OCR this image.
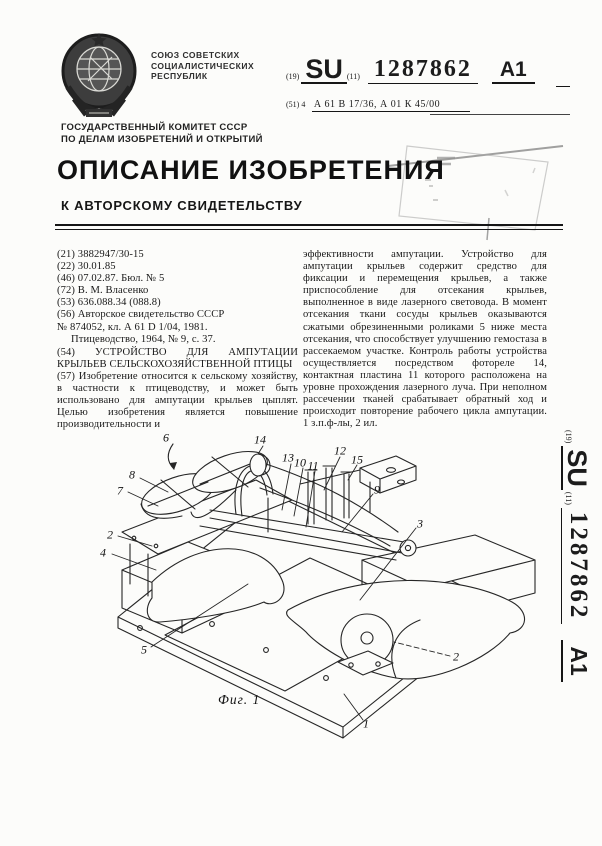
СОЮЗ СОВЕТСКИХ
СОЦИАЛИСТИЧЕСКИХ
РЕСПУБЛИК	(19) SU (11) 1287862	A1
(51) 4 А 61 В 17/36, А 01 К 45/00
ГОСУДАРСТВЕННЫЙ КОМИТЕТ СССР
ПО ДЕЛАМ ИЗОБРЕТЕНИЙ И ОТКРЫТИЙ
ОПИСАНИЕ ИЗОБРЕТЕНИЯ
К АВТОРСКОМУ СВИДЕТЕЛЬСТВУ
(21) 3882947/30-15
(22) 30.01.85
(46) 07.02.87. Бюл. № 5
(72) В. М. Власенко
(53) 636.088.34 (088.8)
(56) Авторское свидетельство СССР
№ 874052, кл. А 61 D 1/04, 1981.
Птицеводство, 1964, № 9, с. 37.
(54) УСТРОЙСТВО ДЛЯ АМПУТАЦИИ КРЫЛЬЕВ СЕЛЬСКОХОЗЯЙСТВЕННОЙ ПТИЦЫ
(57) Изобретение относится к сельскому хозяйству, в частности к птицеводству, и может быть использовано для ампутации крыльев цыплят. Целью изобретения является повышение производительности и
эффективности ампутации. Устройство для ампутации крыльев содержит средство для фиксации и перемещения крыльев, а также приспособление для отсекания крыльев, выполненное в виде лазерного световода. В момент отсекания ткани сосуды крыльев оказываются сжатыми обрезиненными роликами 5 ниже места отсекания, что способствует улучшению гемостаза в рассекаемом участке. Контроль работы устройства осуществляется посредством фотореле 14, контактная пластина 11 которого расположена на уровне прохождения лазерного луча. При неполном рассечении тканей срабатывает обратный ход и происходит повторение рабочего цикла ампутации. 1 з.п.ф-лы, 2 ил.
6	14
12
13	15
10 11
8
9
7
3
2
4
5	2
1
Фиг. 1
(19)
SU
(11)
1287862
A1
